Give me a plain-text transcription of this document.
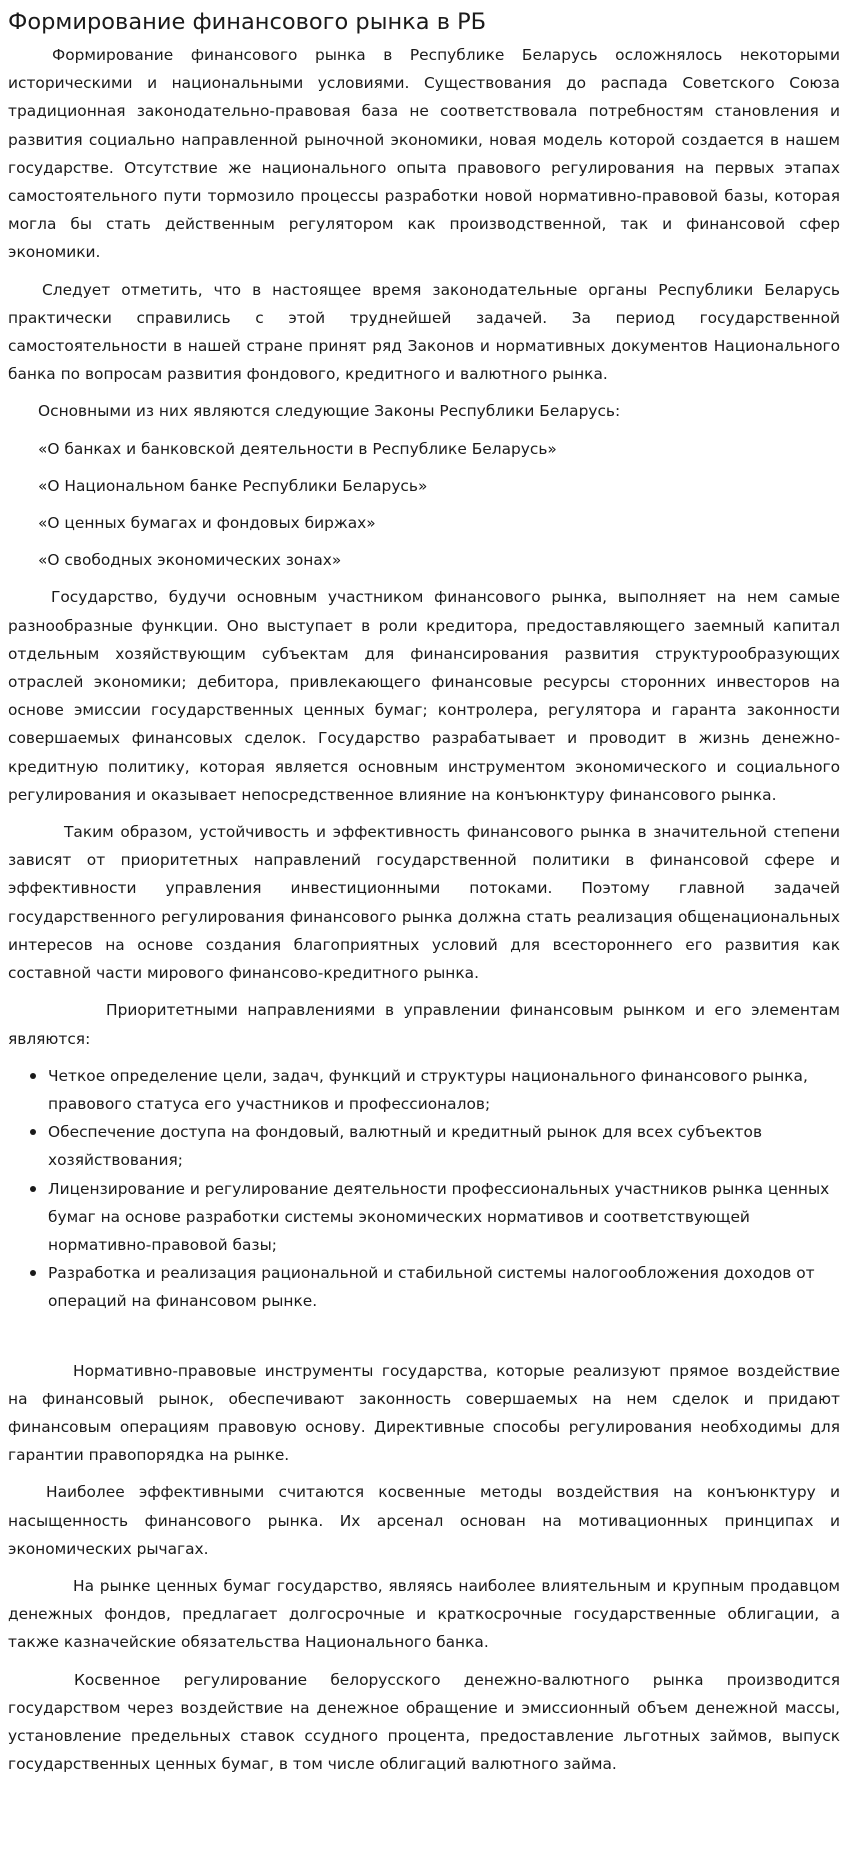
Формирование финансового рынка в РБ

Формирование финансового рынка в Республике Беларусь осложнялось некоторыми историческими и национальными условиями. Существования до распада Советского Союза традиционная законодательно-правовая база не соответствовала потребностям становления и развития социально направленной рыночной экономики, новая модель которой создается в нашем государстве. Отсутствие же национального опыта правового регулирования на первых этапах самостоятельного пути тормозило процессы разработки новой нормативно-правовой базы, которая могла бы стать действенным регулятором как производственной, так и финансовой сфер экономики.

Следует отметить, что в настоящее время законодательные органы Республики Беларусь практически справились с этой труднейшей задачей. За период государственной самостоятельности в нашей стране принят ряд Законов и нормативных документов Национального банка по вопросам развития фондового, кредитного и валютного рынка.

Основными из них являются следующие Законы Республики Беларусь:

«О банках и банковской деятельности в Республике Беларусь»

«О Национальном банке Республики Беларусь»

«О ценных бумагах и фондовых биржах»

«О свободных экономических зонах»

Государство, будучи основным участником финансового рынка, выполняет на нем самые разнообразные функции. Оно выступает в роли кредитора, предоставляющего заемный капитал отдельным хозяйствующим субъектам для финансирования развития структурообразующих отраслей экономики; дебитора, привлекающего финансовые ресурсы сторонних инвесторов на основе эмиссии государственных ценных бумаг; контролера, регулятора и гаранта законности совершаемых финансовых сделок. Государство разрабатывает и проводит в жизнь денежно-кредитную политику, которая является основным инструментом экономического и социального регулирования и оказывает непосредственное влияние на конъюнктуру финансового рынка.

Таким образом, устойчивость и эффективность финансового рынка в значительной степени зависят от приоритетных направлений государственной политики в финансовой сфере и эффективности управления инвестиционными потоками. Поэтому главной задачей государственного регулирования финансового рынка должна стать реализация общенациональных интересов на основе создания благоприятных условий для всестороннего его развития как составной части мирового финансово-кредитного рынка.

Приоритетными направлениями в управлении финансовым рынком и его элементам являются:

Четкое определение цели, задач, функций и структуры национального финансового рынка, правового статуса его участников и профессионалов;
Обеспечение доступа на фондовый, валютный и кредитный рынок для всех субъектов хозяйствования;
Лицензирование и регулирование деятельности профессиональных участников рынка ценных бумаг на основе разработки системы экономических нормативов и соответствующей нормативно-правовой базы;
Разработка и реализация рациональной и стабильной системы налогообложения доходов от операций на финансовом рынке.

Нормативно-правовые инструменты государства, которые реализуют прямое воздействие на финансовый рынок, обеспечивают законность совершаемых на нем сделок и придают финансовым операциям правовую основу. Директивные способы регулирования необходимы для гарантии правопорядка на рынке.

Наиболее эффективными считаются косвенные методы воздействия на конъюнктуру и насыщенность финансового рынка. Их арсенал основан на мотивационных принципах и экономических рычагах.

На рынке ценных бумаг государство, являясь наиболее влиятельным и крупным продавцом денежных фондов, предлагает долгосрочные и краткосрочные государственные облигации, а также казначейские обязательства Национального банка.

Косвенное регулирование белорусского денежно-валютного рынка производится государством через воздействие на денежное обращение и эмиссионный объем денежной массы, установление предельных ставок ссудного процента, предоставление льготных займов, выпуск государственных ценных бумаг, в том числе облигаций валютного займа.
